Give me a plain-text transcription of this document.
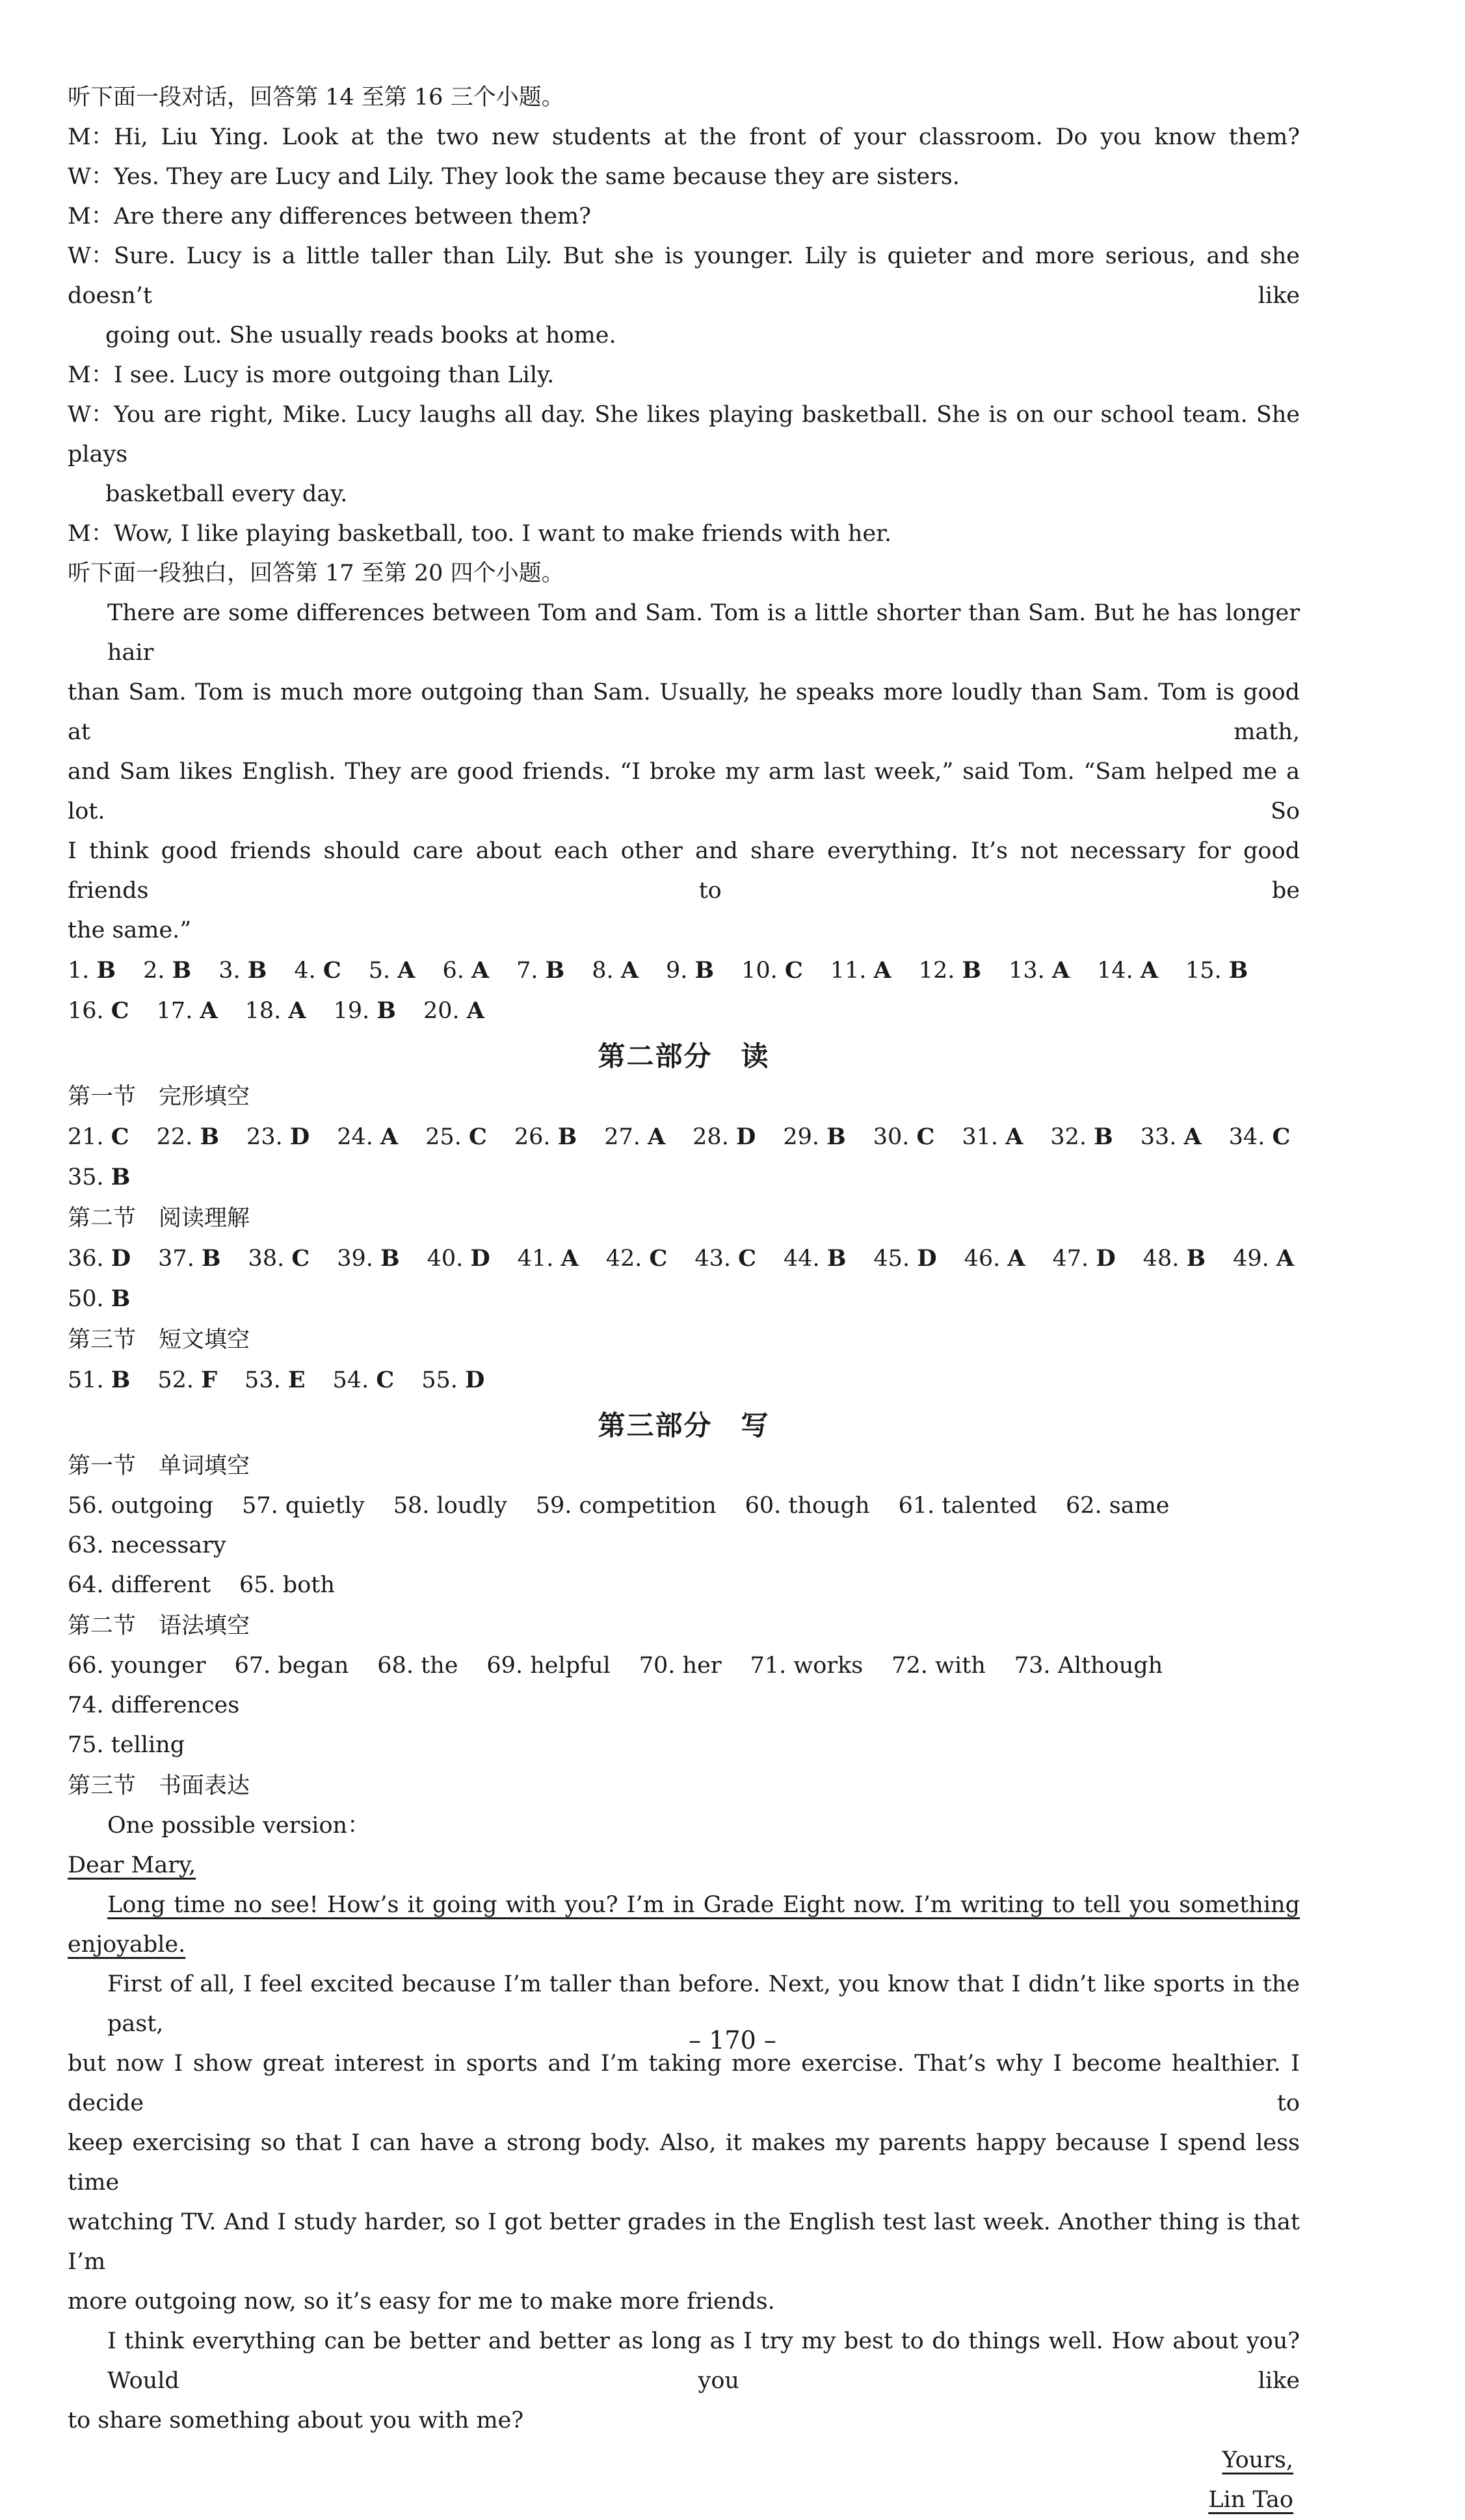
听下面一段对话，回答第 14 至第 16 三个小题。
M：Hi, Liu Ying. Look at the two new students at the front of your classroom. Do you know them?
W：Yes. They are Lucy and Lily. They look the same because they are sisters.
M：Are there any differences between them?
W：Sure. Lucy is a little taller than Lily. But she is younger. Lily is quieter and more serious, and she doesn’t like
going out. She usually reads books at home.
M：I see. Lucy is more outgoing than Lily.
W：You are right, Mike. Lucy laughs all day. She likes playing basketball. She is on our school team. She plays
basketball every day.
M：Wow, I like playing basketball, too. I want to make friends with her.
听下面一段独白，回答第 17 至第 20 四个小题。
There are some differences between Tom and Sam. Tom is a little shorter than Sam. But he has longer hair
than Sam. Tom is much more outgoing than Sam. Usually, he speaks more loudly than Sam. Tom is good at math,
and Sam likes English. They are good friends. “I broke my arm last week,” said Tom. “Sam helped me a lot. So
I think good friends should care about each other and share everything. It’s not necessary for good friends to be
the same.”
1. B 2. B 3. B 4. C 5. A 6. A 7. B 8. A 9. B 10. C 11. A 12. B 13. A 14. A 15. B
16. C 17. A 18. A 19. B 20. A
第二部分　读
第一节　完形填空
21. C 22. B 23. D 24. A 25. C 26. B 27. A 28. D 29. B 30. C 31. A 32. B 33. A 34. C
35. B
第二节　阅读理解
36. D 37. B 38. C 39. B 40. D 41. A 42. C 43. C 44. B 45. D 46. A 47. D 48. B 49. A
50. B
第三节　短文填空
51. B 52. F 53. E 54. C 55. D
第三部分　写
第一节　单词填空
56. outgoing 57. quietly 58. loudly 59. competition 60. though 61. talented 62. same
63. necessary
64. different 65. both
第二节　语法填空
66. younger 67. began 68. the 69. helpful 70. her 71. works 72. with 73. Although
74. differences
75. telling
第三节　书面表达
One possible version：
Dear Mary,
Long time no see! How’s it going with you? I’m in Grade Eight now. I’m writing to tell you something
enjoyable.
First of all, I feel excited because I’m taller than before. Next, you know that I didn’t like sports in the past,
but now I show great interest in sports and I’m taking more exercise. That’s why I become healthier. I decide to
keep exercising so that I can have a strong body. Also, it makes my parents happy because I spend less time
watching TV. And I study harder, so I got better grades in the English test last week. Another thing is that I’m
more outgoing now, so it’s easy for me to make more friends.
I think everything can be better and better as long as I try my best to do things well. How about you? Would you like
to share something about you with me?
Yours,
Lin Tao
– 170 –
